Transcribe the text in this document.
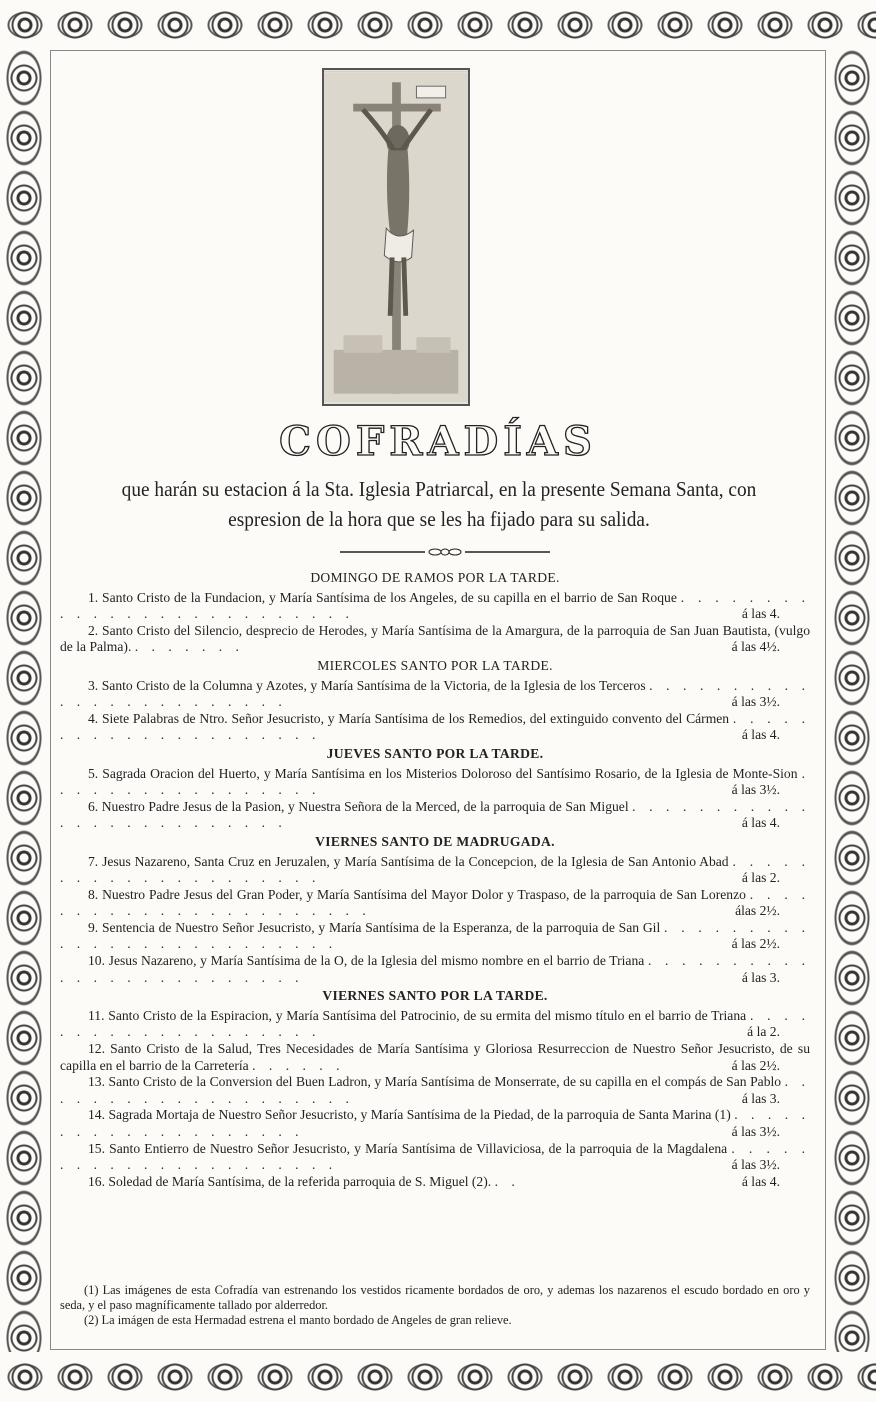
COFRADÍAS
que harán su estacion á la Sta. Iglesia Patriarcal, en la presente Semana Santa, con espresion de la hora que se les ha fijado para su salida.
DOMINGO DE RAMOS POR LA TARDE.

1. Santo Cristo de la Fundacion, y María Santísima de los Angeles, de su capilla en el barrio de San Roque . . . . . . . . . . . . . . . . . . . . . . . . . .	á las 4.

2. Santo Cristo del Silencio, desprecio de Herodes, y María Santísima de la Amargura, de la parroquia de San Juan Bautista, (vulgo de la Palma). . . . . . . .	á las 4½.

MIERCOLES SANTO POR LA TARDE.

3. Santo Cristo de la Columna y Azotes, y María Santísima de la Victoria, de la Iglesia de los Terceros . . . . . . . . . . . . . . . . . . . . . . . .	á las 3½.

4. Siete Palabras de Ntro. Señor Jesucristo, y María Santísima de los Remedios, del extinguido convento del Cármen . . . . . . . . . . . . . . . . . . . . .	á las 4.

JUEVES SANTO POR LA TARDE.

5. Sagrada Oracion del Huerto, y María Santísima en los Misterios Doloroso del Santísimo Rosario, de la Iglesia de Monte-Sion . . . . . . . . . . . . . . . . .	á las 3½.

6. Nuestro Padre Jesus de la Pasion, y Nuestra Señora de la Merced, de la parroquia de San Miguel . . . . . . . . . . . . . . . . . . . . . . . . .	á las 4.

VIERNES SANTO DE MADRUGADA.

7. Jesus Nazareno, Santa Cruz en Jeruzalen, y María Santísima de la Concepcion, de la Iglesia de San Antonio Abad . . . . . . . . . . . . . . . . . . . . .	á las 2.

8. Nuestro Padre Jesus del Gran Poder, y María Santísima del Mayor Dolor y Traspaso, de la parroquia de San Lorenzo . . . . . . . . . . . . . . . . . . . . . . .	álas 2½.

9. Sentencia de Nuestro Señor Jesucristo, y María Santísima de la Esperanza, de la parroquia de San Gil . . . . . . . . . . . . . . . . . . . . . . . . . .	á las 2½.

10. Jesus Nazareno, y María Santísima de la O, de la Iglesia del mismo nombre en el barrio de Triana . . . . . . . . . . . . . . . . . . . . . . . . .	á las 3.

VIERNES SANTO POR LA TARDE.

11. Santo Cristo de la Espiracion, y María Santísima del Patrocinio, de su ermita del mismo título en el barrio de Triana . . . . . . . . . . . . . . . . . . . .	á la 2.

12. Santo Cristo de la Salud, Tres Necesidades de María Santísima y Gloriosa Resurreccion de Nuestro Señor Jesucristo, de su capilla en el barrio de la Carretería . . . . . .	á las 2½.

13. Santo Cristo de la Conversion del Buen Ladron, y María Santísima de Monserrate, de su capilla en el compás de San Pablo . . . . . . . . . . . . . . . . . . . .	á las 3.

14. Sagrada Mortaja de Nuestro Señor Jesucristo, y María Santísima de la Piedad, de la parroquia de Santa Marina (1) . . . . . . . . . . . . . . . . . . . .	á las 3½.

15. Santo Entierro de Nuestro Señor Jesucristo, y María Santísima de Villaviciosa, de la parroquia de la Magdalena . . . . . . . . . . . . . . . . . . . . . .	á las 3½.

16. Soledad de María Santísima, de la referida parroquia de S. Miguel (2). . .	á las 4.

(1) Las imágenes de esta Cofradía van estrenando los vestidos ricamente bordados de oro, y ademas los nazarenos el escudo bordado en oro y seda, y el paso magníficamente tallado por alderredor.

(2) La imágen de esta Hermadad estrena el manto bordado de Angeles de gran relieve.
